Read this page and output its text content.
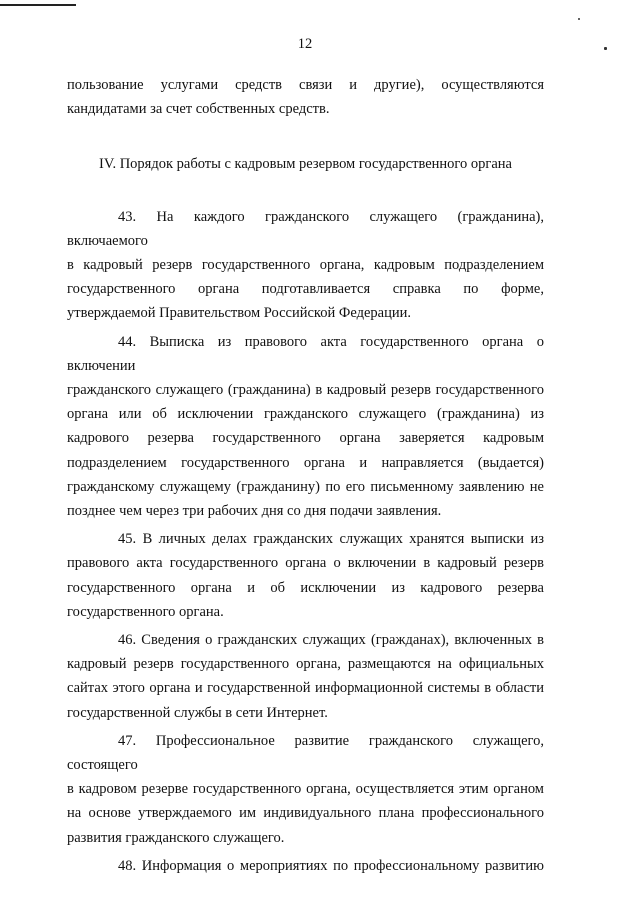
12

пользование услугами средств связи и другие), осуществляются

кандидатами за счет собственных средств.

IV. Порядок работы с кадровым резервом государственного органа

43. На каждого гражданского служащего (гражданина), включаемого

в кадровый резерв государственного органа, кадровым подразделением

государственного органа подготавливается справка по форме,

утверждаемой Правительством Российской Федерации.

44. Выписка из правового акта государственного органа о включении

гражданского служащего (гражданина) в кадровый резерв государственного

органа или об исключении гражданского служащего (гражданина) из

кадрового резерва государственного органа заверяется кадровым

подразделением государственного органа и направляется (выдается)

гражданскому служащему (гражданину) по его письменному заявлению не

позднее чем через три рабочих дня со дня подачи заявления.

45. В личных делах гражданских служащих хранятся выписки из

правового акта государственного органа о включении в кадровый резерв

государственного органа и об исключении из кадрового резерва

государственного органа.

46. Сведения о гражданских служащих (гражданах), включенных в

кадровый резерв государственного органа, размещаются на официальных

сайтах этого органа и государственной информационной системы в области

государственной службы в сети Интернет.

47. Профессиональное развитие гражданского служащего, состоящего

в кадровом резерве государственного органа, осуществляется этим органом

на основе утверждаемого им индивидуального плана профессионального

развития гражданского служащего.

48. Информация о мероприятиях по профессиональному развитию
